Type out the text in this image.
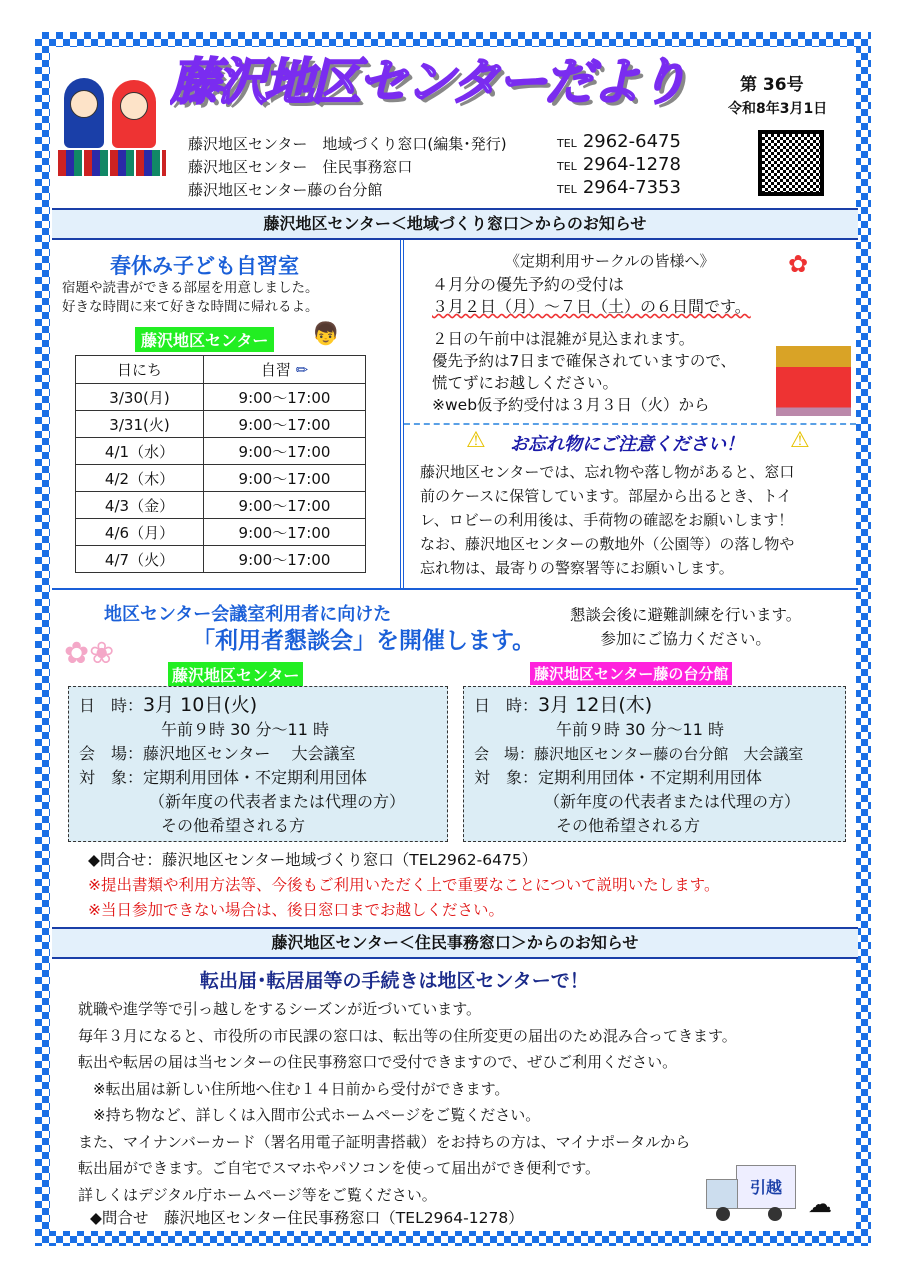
藤沢地区センターだより	第 36号
令和8年3月1日
藤沢地区センター　地域づくり窓口(編集･発行)
藤沢地区センター　住民事務窓口
藤沢地区センター藤の台分館
TEL 2962-6475
TEL 2964-1278
TEL 2964-7353
藤沢地区センター＜地域づくり窓口＞からのお知らせ
春休み子ども自習室
宿題や読書ができる部屋を用意しました。
好きな時間に来て好きな時間に帰れるよ。
藤沢地区センター 👦
日にち	自習 ✏
3/30(月)	9:00〜17:00
3/31(火)	9:00〜17:00
4/1（水）	9:00〜17:00
4/2（木）	9:00〜17:00
4/3（金）	9:00〜17:00
4/6（月）	9:00〜17:00
4/7（火）	9:00〜17:00
《定期利用サークルの皆様へ》
４月分の優先予約の受付は
３月２日（月）〜７日（土）の６日間です。
２日の午前中は混雑が見込まれます。
優先予約は7日まで確保されていますので、
慌てずにお越しください。
※web仮予約受付は３月３日（火）から
✿
⚠ お忘れ物にご注意ください！ ⚠
藤沢地区センターでは、忘れ物や落し物があると、窓口
前のケースに保管しています。部屋から出るとき、トイ
レ、ロビーの利用後は、手荷物の確認をお願いします！
なお、藤沢地区センターの敷地外（公園等）の落し物や
忘れ物は、最寄りの警察署等にお願いします。
地区センター会議室利用者に向けた
「利用者懇談会」を開催します。
✿❀
懇談会後に避難訓練を行います。
参加にご協力ください。
藤沢地区センター	藤沢地区センター藤の台分館
日　時：3月 10日(火)
午前９時 30 分〜11 時
会　場：藤沢地区センター　 大会議室
対　象：定期利用団体・不定期利用団体
（新年度の代表者または代理の方）
その他希望される方
日　時：3月 12日(木)
午前９時 30 分〜11 時
会　場：藤沢地区センター藤の台分館　大会議室
対　象：定期利用団体・不定期利用団体
（新年度の代表者または代理の方）
その他希望される方
◆問合せ：藤沢地区センター地域づくり窓口（TEL2962-6475）
※提出書類や利用方法等、今後もご利用いただく上で重要なことについて説明いたします。
※当日参加できない場合は、後日窓口までお越しください。
藤沢地区センター＜住民事務窓口＞からのお知らせ
転出届･転居届等の手続きは地区センターで！
就職や進学等で引っ越しをするシーズンが近づいています。
毎年３月になると、市役所の市民課の窓口は、転出等の住所変更の届出のため混み合ってきます。
転出や転居の届は当センターの住民事務窓口で受付できますので、ぜひご利用ください。
　※転出届は新しい住所地へ住む１４日前から受付ができます。
　※持ち物など、詳しくは入間市公式ホームページをご覧ください。
また、マイナンバーカード（署名用電子証明書搭載）をお持ちの方は、マイナポータルから
転出届ができます。ご自宅でスマホやパソコンを使って届出ができ便利です。
詳しくはデジタル庁ホームページ等をご覧ください。
◆問合せ　藤沢地区センター住民事務窓口（TEL2964-1278）
引越
☁
